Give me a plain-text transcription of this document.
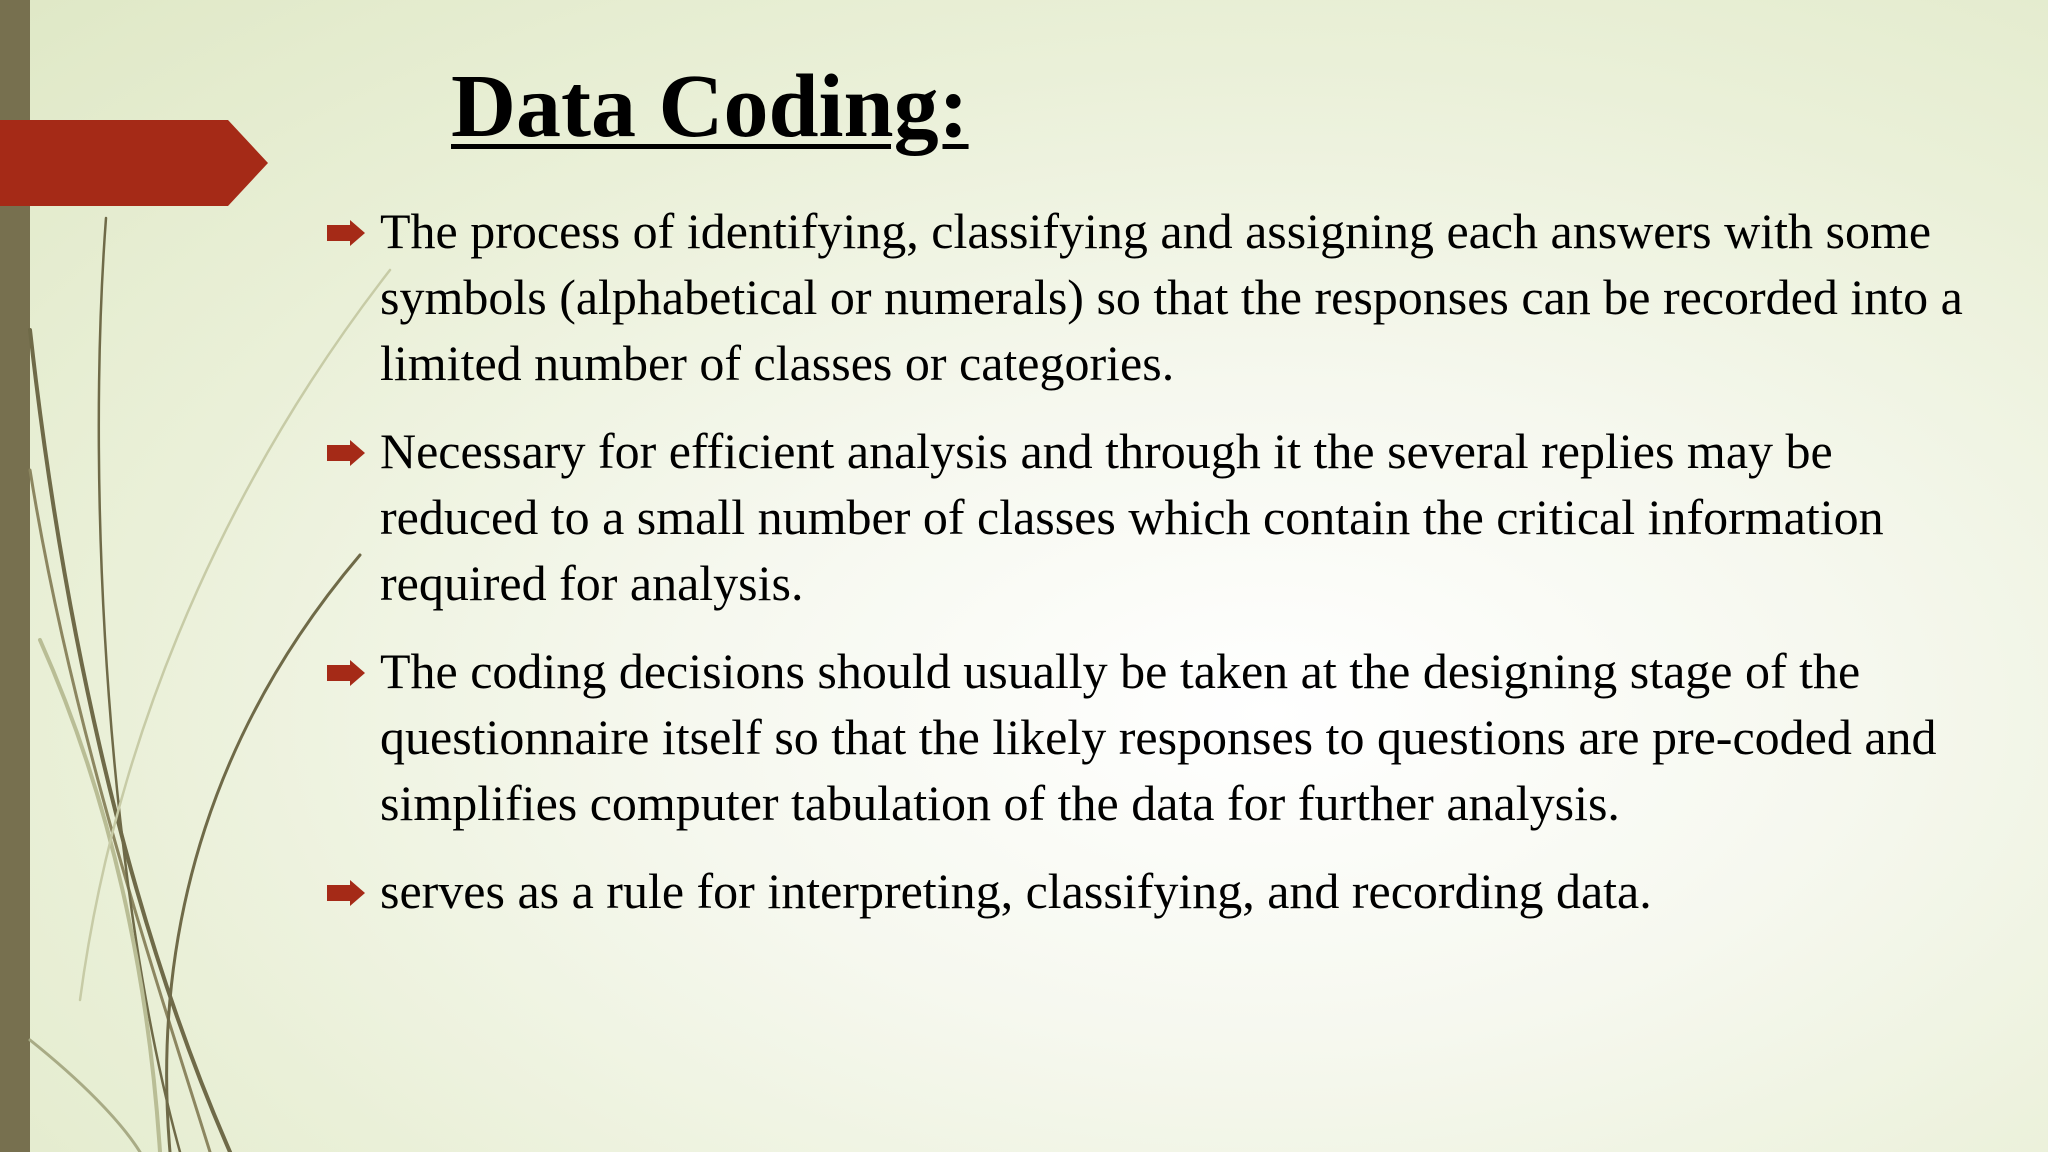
Data Coding:
The process of identifying, classifying and assigning each answers with some symbols (alphabetical or numerals) so that the responses can be recorded into a limited number of classes or categories.
Necessary for efficient analysis and through it the several replies may be reduced to a small number of classes which contain the critical information required for analysis.
The coding decisions should usually be taken at the designing stage of the questionnaire itself so that the likely responses to questions are pre-coded and simplifies computer tabulation of the data for further analysis.
serves as a rule for interpreting, classifying, and recording data.
